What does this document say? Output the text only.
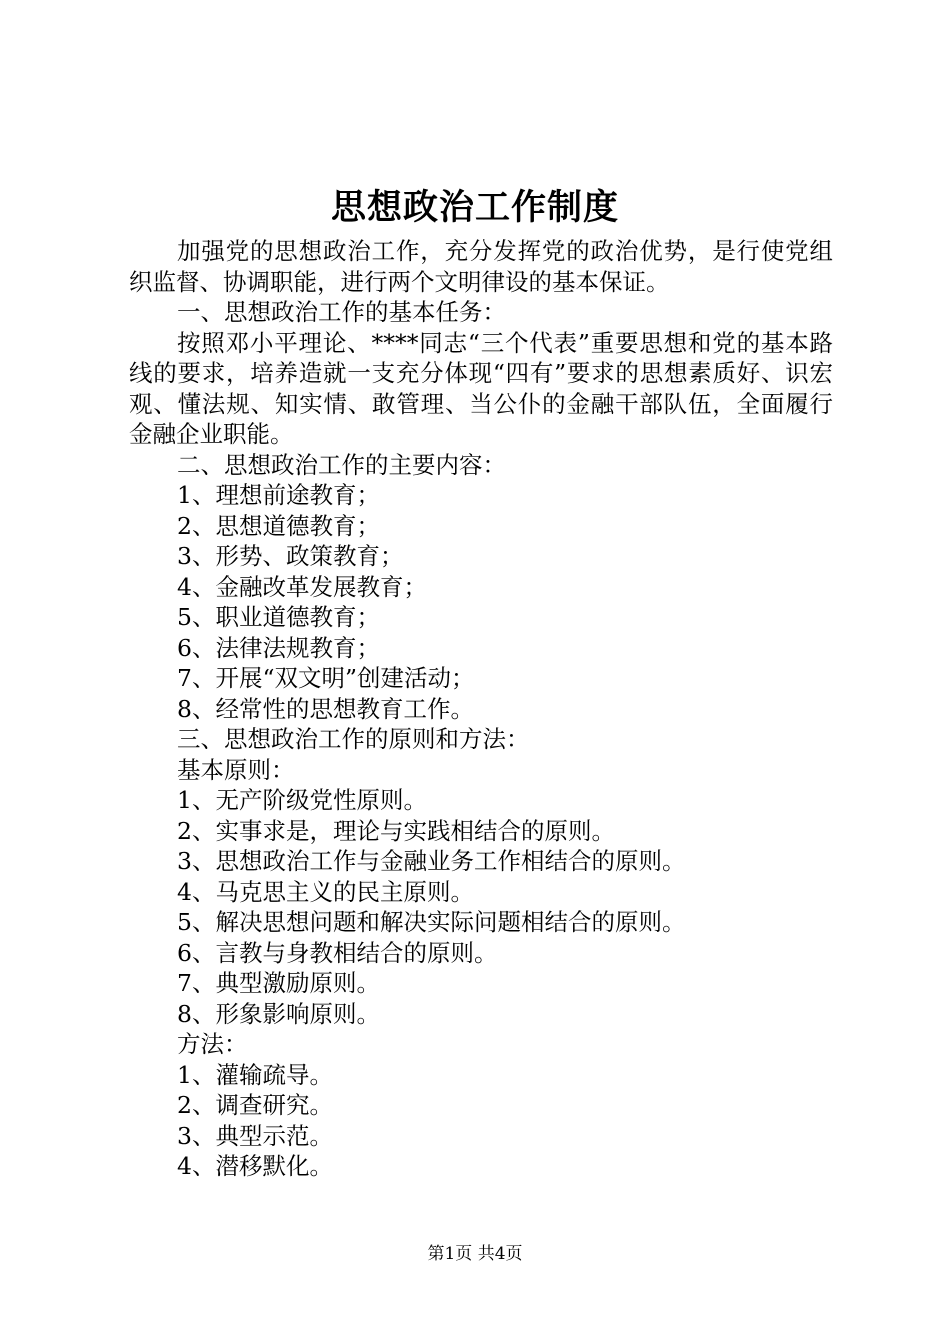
思想政治工作制度

加强党的思想政治工作，充分发挥党的政治优势，是行使党组织监督、协调职能，进行两个文明律设的基本保证。

一、思想政治工作的基本任务：

按照邓小平理论、****同志“三个代表”重要思想和党的基本路线的要求，培养造就一支充分体现“四有”要求的思想素质好、识宏观、懂法规、知实情、敢管理、当公仆的金融干部队伍，全面履行金融企业职能。

二、思想政治工作的主要内容：

1、理想前途教育；

2、思想道德教育；

3、形势、政策教育；

4、金融改革发展教育；

5、职业道德教育；

6、法律法规教育；

7、开展“双文明”创建活动；

8、经常性的思想教育工作。

三、思想政治工作的原则和方法：

基本原则：

1、无产阶级党性原则。

2、实事求是，理论与实践相结合的原则。

3、思想政治工作与金融业务工作相结合的原则。

4、马克思主义的民主原则。

5、解决思想问题和解决实际问题相结合的原则。

6、言教与身教相结合的原则。

7、典型激励原则。

8、形象影响原则。

方法：

1、灌输疏导。

2、调查研究。

3、典型示范。

4、潜移默化。

第1页 共4页
